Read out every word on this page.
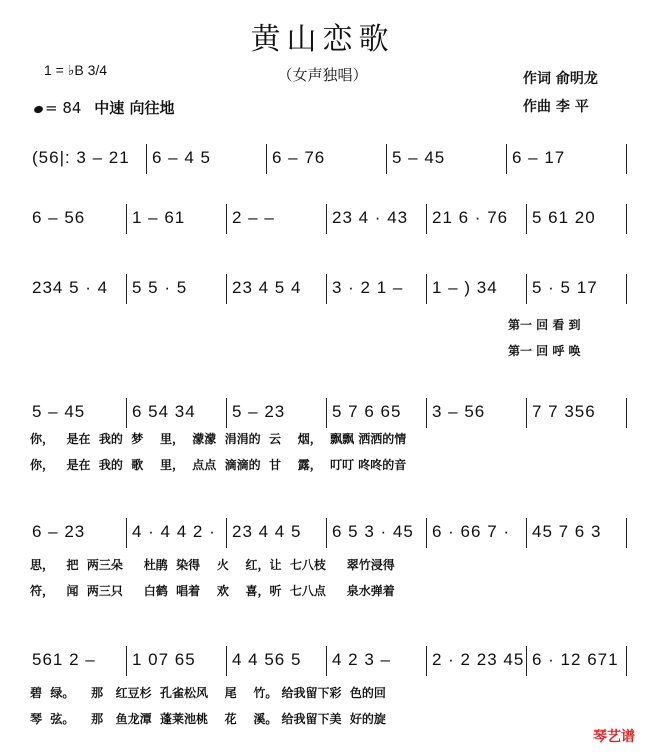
黄山恋歌
（女声独唱）
1 = ♭B 3/4
= 84 中速 向往地
作词 俞明龙
作曲 李 平
(56|: 3 – 21 6 – 4 5	6 – 76	5 – 45	6 – 17
6 – 56	1 – 61	2 – –	23 4 · 43 21 6 · 76 5 61 20
234 5 · 4 5 5 · 5	23 4 5 4 3 · 2 1 – 1 – ) 34 5 · 5 17
5 – 45	6 54 34 5 – 23	5 7 6 65 3 – 56	7 7 356
6 – 23	4 · 4 4 2 · 23 4 4 5 6 5 3 · 45 6 · 66 7 · 45 7 6 3
561 2 – 1 07 65 4 4 56 5 4 2 3 – 2 · 2 23 45 6 · 12 671
第一 回 看 到
第一 回 呼 唤
你，   是在  我的  梦    里，  濛濛  涓涓的  云    烟，  飘飘 洒洒的情
你，   是在  我的  歌    里，  点点  滴滴的  甘    露，  叮叮 咚咚的音
思，   把  两三朵     杜鹃  染得    火    红，让  七八枝     翠竹浸得
符，   闻  两三只     白鹤  唱着    欢    喜，听  七八点     泉水弹着
碧  绿。    那   红豆杉  孔雀松风    尾    竹。 给我留下彩  色的回
琴  弦。    那   鱼龙潭  蓬莱池桃    花    溪。 给我留下美  好的旋
琴艺谱
